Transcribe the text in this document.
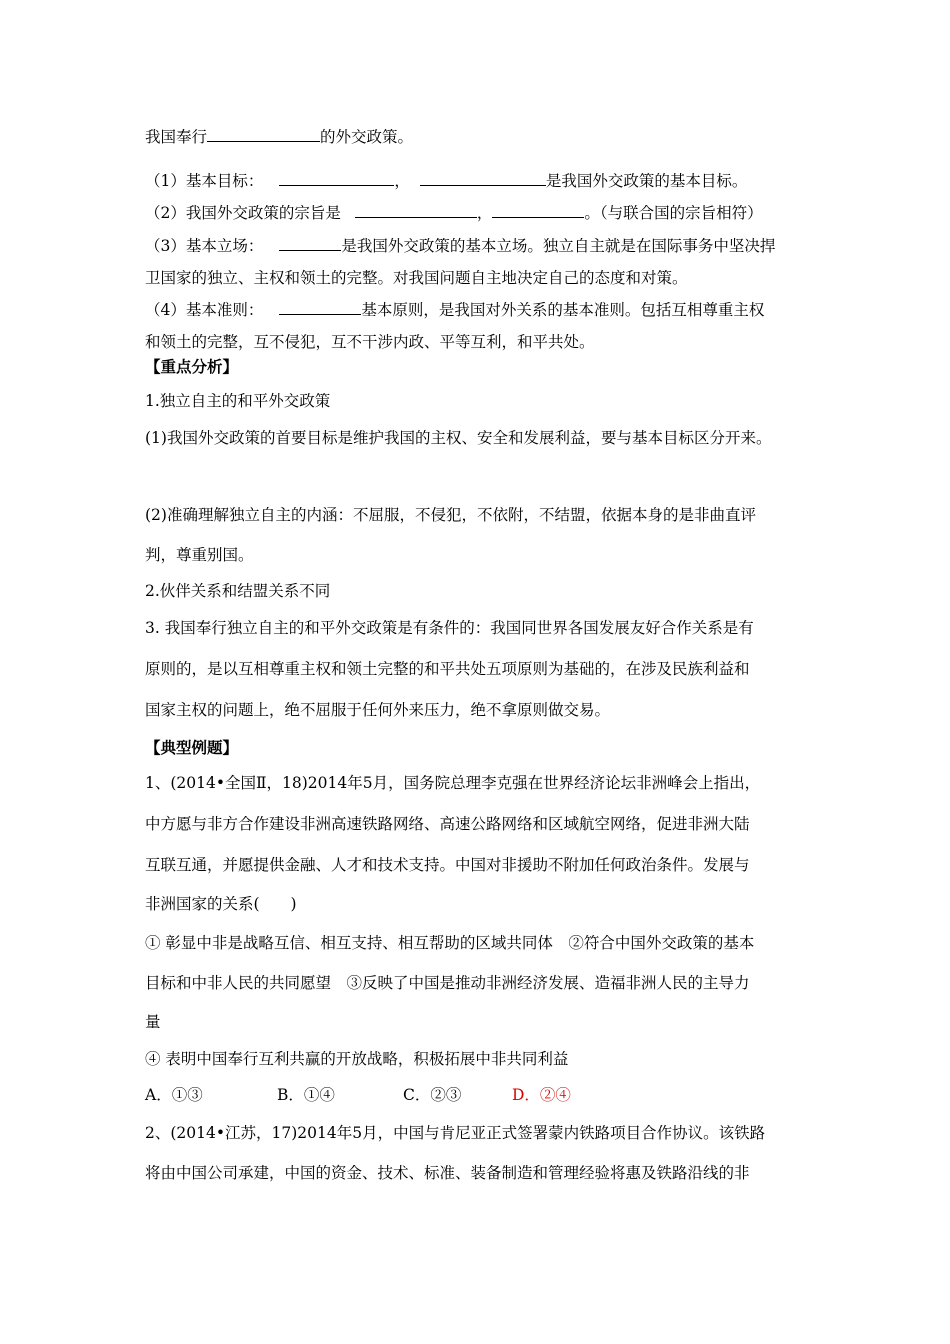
我国奉行	的外交政策。
（1）基本目标：	，	是我国外交政策的基本目标。
（2）我国外交政策的宗旨是	，	。（与联合国的宗旨相符）
（3）基本立场：	是我国外交政策的基本立场。独立自主就是在国际事务中坚决捍
卫国家的独立、主权和领土的完整。对我国问题自主地决定自己的态度和对策。
（4）基本准则：	基本原则，是我国对外关系的基本准则。包括互相尊重主权
和领土的完整，互不侵犯，互不干涉内政、平等互利，和平共处。
【重点分析】
1.独立自主的和平外交政策
(1)我国外交政策的首要目标是维护我国的主权、安全和发展利益，要与基本目标区分开来。
(2)准确理解独立自主的内涵：不屈服，不侵犯，不依附，不结盟，依据本身的是非曲直评
判，尊重别国。
2.伙伴关系和结盟关系不同
3. 我国奉行独立自主的和平外交政策是有条件的：我国同世界各国发展友好合作关系是有
原则的，是以互相尊重主权和领土完整的和平共处五项原则为基础的，在涉及民族利益和
国家主权的问题上，绝不屈服于任何外来压力，绝不拿原则做交易。
【典型例题】
1、(2014•全国Ⅱ，18)2014年5月，国务院总理李克强在世界经济论坛非洲峰会上指出，
中方愿与非方合作建设非洲高速铁路网络、高速公路网络和区域航空网络，促进非洲大陆
互联互通，并愿提供金融、人才和技术支持。中国对非援助不附加任何政治条件。发展与
非洲国家的关系(　　)
① 彰显中非是战略互信、相互支持、相互帮助的区域共同体　②符合中国外交政策的基本
目标和中非人民的共同愿望　③反映了中国是推动非洲经济发展、造福非洲人民的主导力
量
④ 表明中国奉行互利共赢的开放战略，积极拓展中非共同利益
A．①③	B．①④	C．②③	D．②④
2、(2014•江苏，17)2014年5月，中国与肯尼亚正式签署蒙内铁路项目合作协议。该铁路
将由中国公司承建，中国的资金、技术、标准、装备制造和管理经验将惠及铁路沿线的非
